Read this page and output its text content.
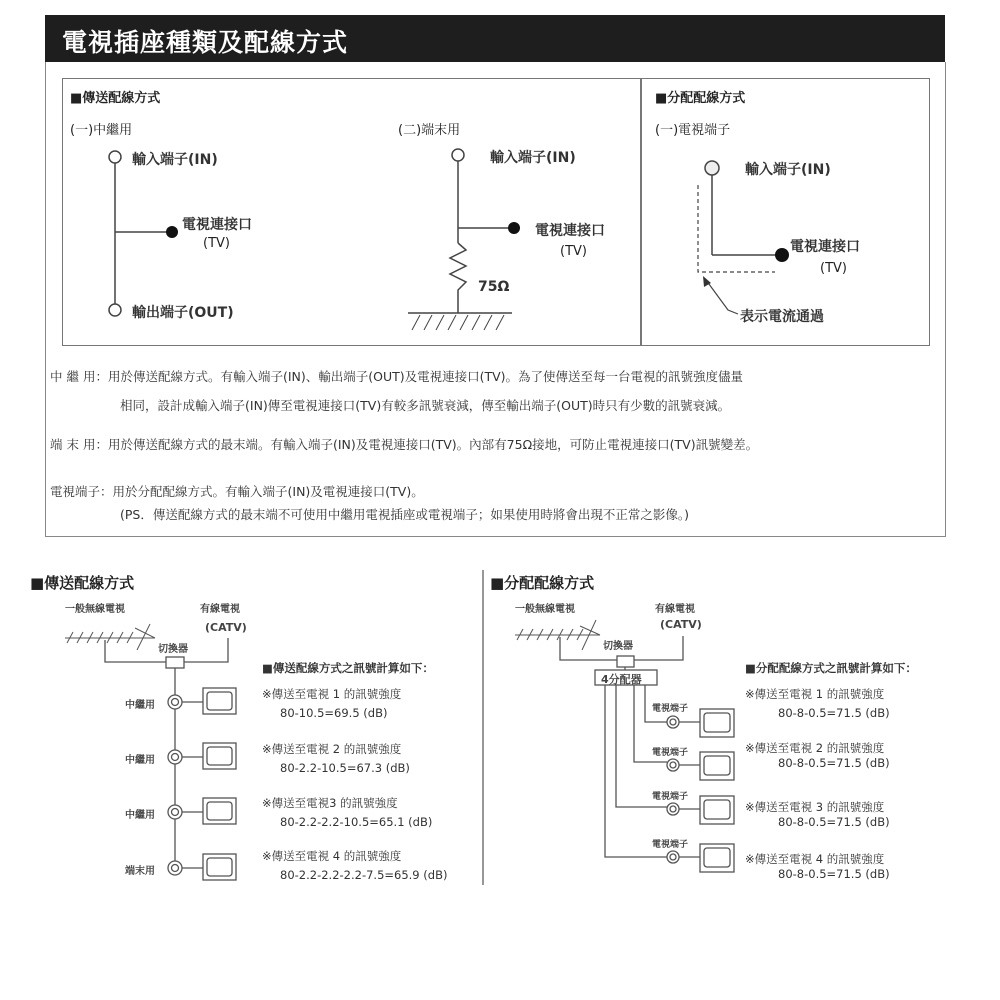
電視插座種類及配線方式
■傳送配線方式
(一)中繼用	(二)端末用
■分配配線方式
(一)電視端子
輸入端子(IN)
電視連接口
(TV)
輸出端子(OUT)
輸入端子(IN)
電視連接口
(TV)
75Ω
輸入端子(IN)
電視連接口
(TV)
表示電流通過
中 繼 用：用於傳送配線方式。有輸入端子(IN)、輸出端子(OUT)及電視連接口(TV)。為了使傳送至每一台電視的訊號強度儘量
相同，設計成輸入端子(IN)傳至電視連接口(TV)有較多訊號衰減，傳至輸出端子(OUT)時只有少數的訊號衰減。
端 末 用：用於傳送配線方式的最末端。有輸入端子(IN)及電視連接口(TV)。內部有75Ω接地，可防止電視連接口(TV)訊號變差。
電視端子：用於分配配線方式。有輸入端子(IN)及電視連接口(TV)。
(PS．傳送配線方式的最末端不可使用中繼用電視插座或電視端子；如果使用時將會出現不正常之影像。)
■傳送配線方式
一般無線電視	有線電視
(CATV)
切換器
中繼用
中繼用
中繼用
端末用
■傳送配線方式之訊號計算如下：
※傳送至電視 1 的訊號強度
80-10.5=69.5 (dB)
※傳送至電視 2 的訊號強度
80-2.2-10.5=67.3 (dB)
※傳送至電視3 的訊號強度
80-2.2-2.2-10.5=65.1 (dB)
※傳送至電視 4 的訊號強度
80-2.2-2.2-2.2-7.5=65.9 (dB)
■分配配線方式
一般無線電視	有線電視
(CATV)
切換器
4分配器
電視端子
電視端子
電視端子
電視端子
■分配配線方式之訊號計算如下：
※傳送至電視 1 的訊號強度
80-8-0.5=71.5 (dB)
※傳送至電視 2 的訊號強度
80-8-0.5=71.5 (dB)
※傳送至電視 3 的訊號強度
80-8-0.5=71.5 (dB)
※傳送至電視 4 的訊號強度
80-8-0.5=71.5 (dB)
